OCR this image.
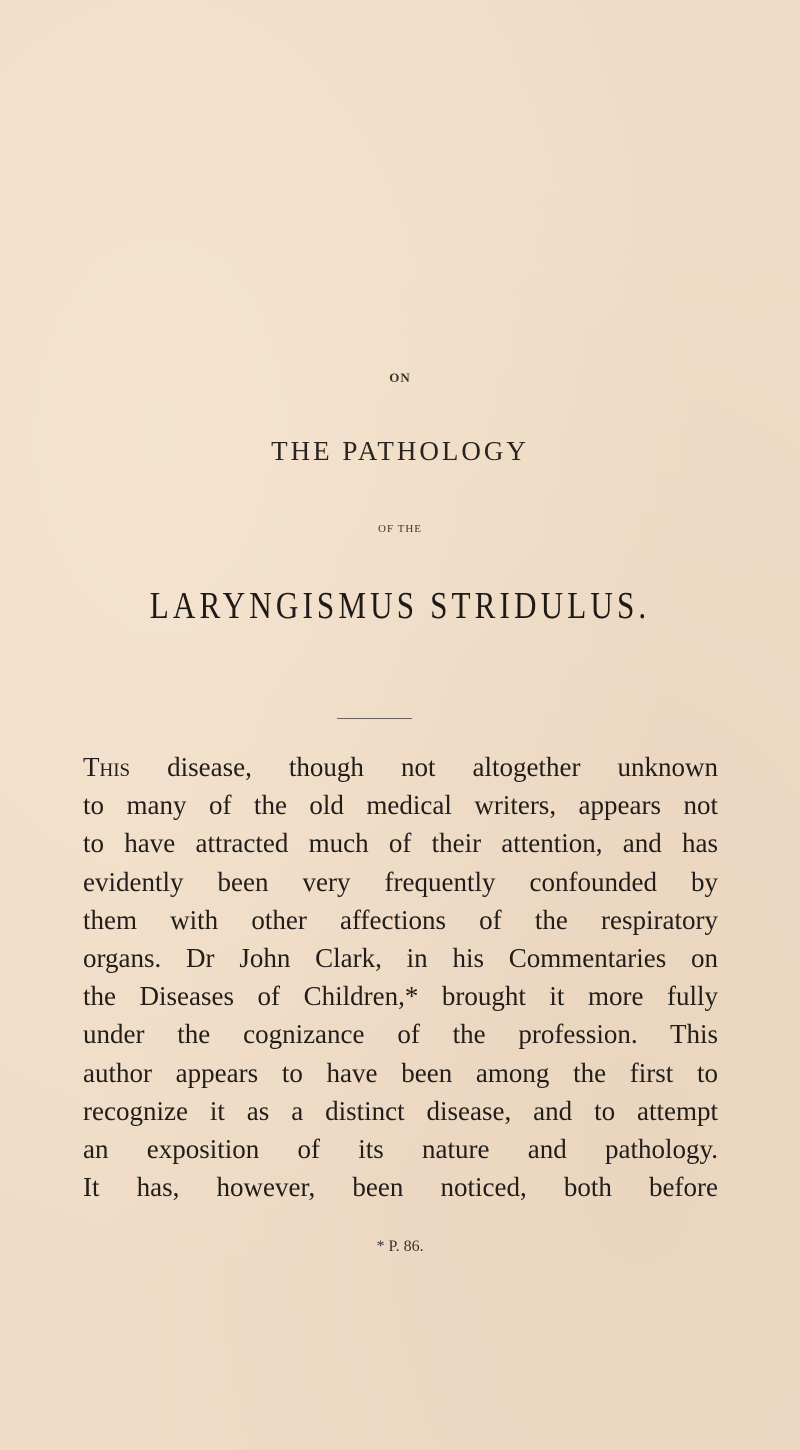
ON
THE PATHOLOGY
OF THE
LARYNGISMUS STRIDULUS.
This disease, though not altogether unknown
to many of the old medical writers, appears not
to have attracted much of their attention, and has
evidently been very frequently confounded by
them with other affections of the respiratory
organs. Dr John Clark, in his Commentaries on
the Diseases of Children,* brought it more fully
under the cognizance of the profession. This
author appears to have been among the first to
recognize it as a distinct disease, and to attempt
an exposition of its nature and pathology.
It has, however, been noticed, both before
* P. 86.
